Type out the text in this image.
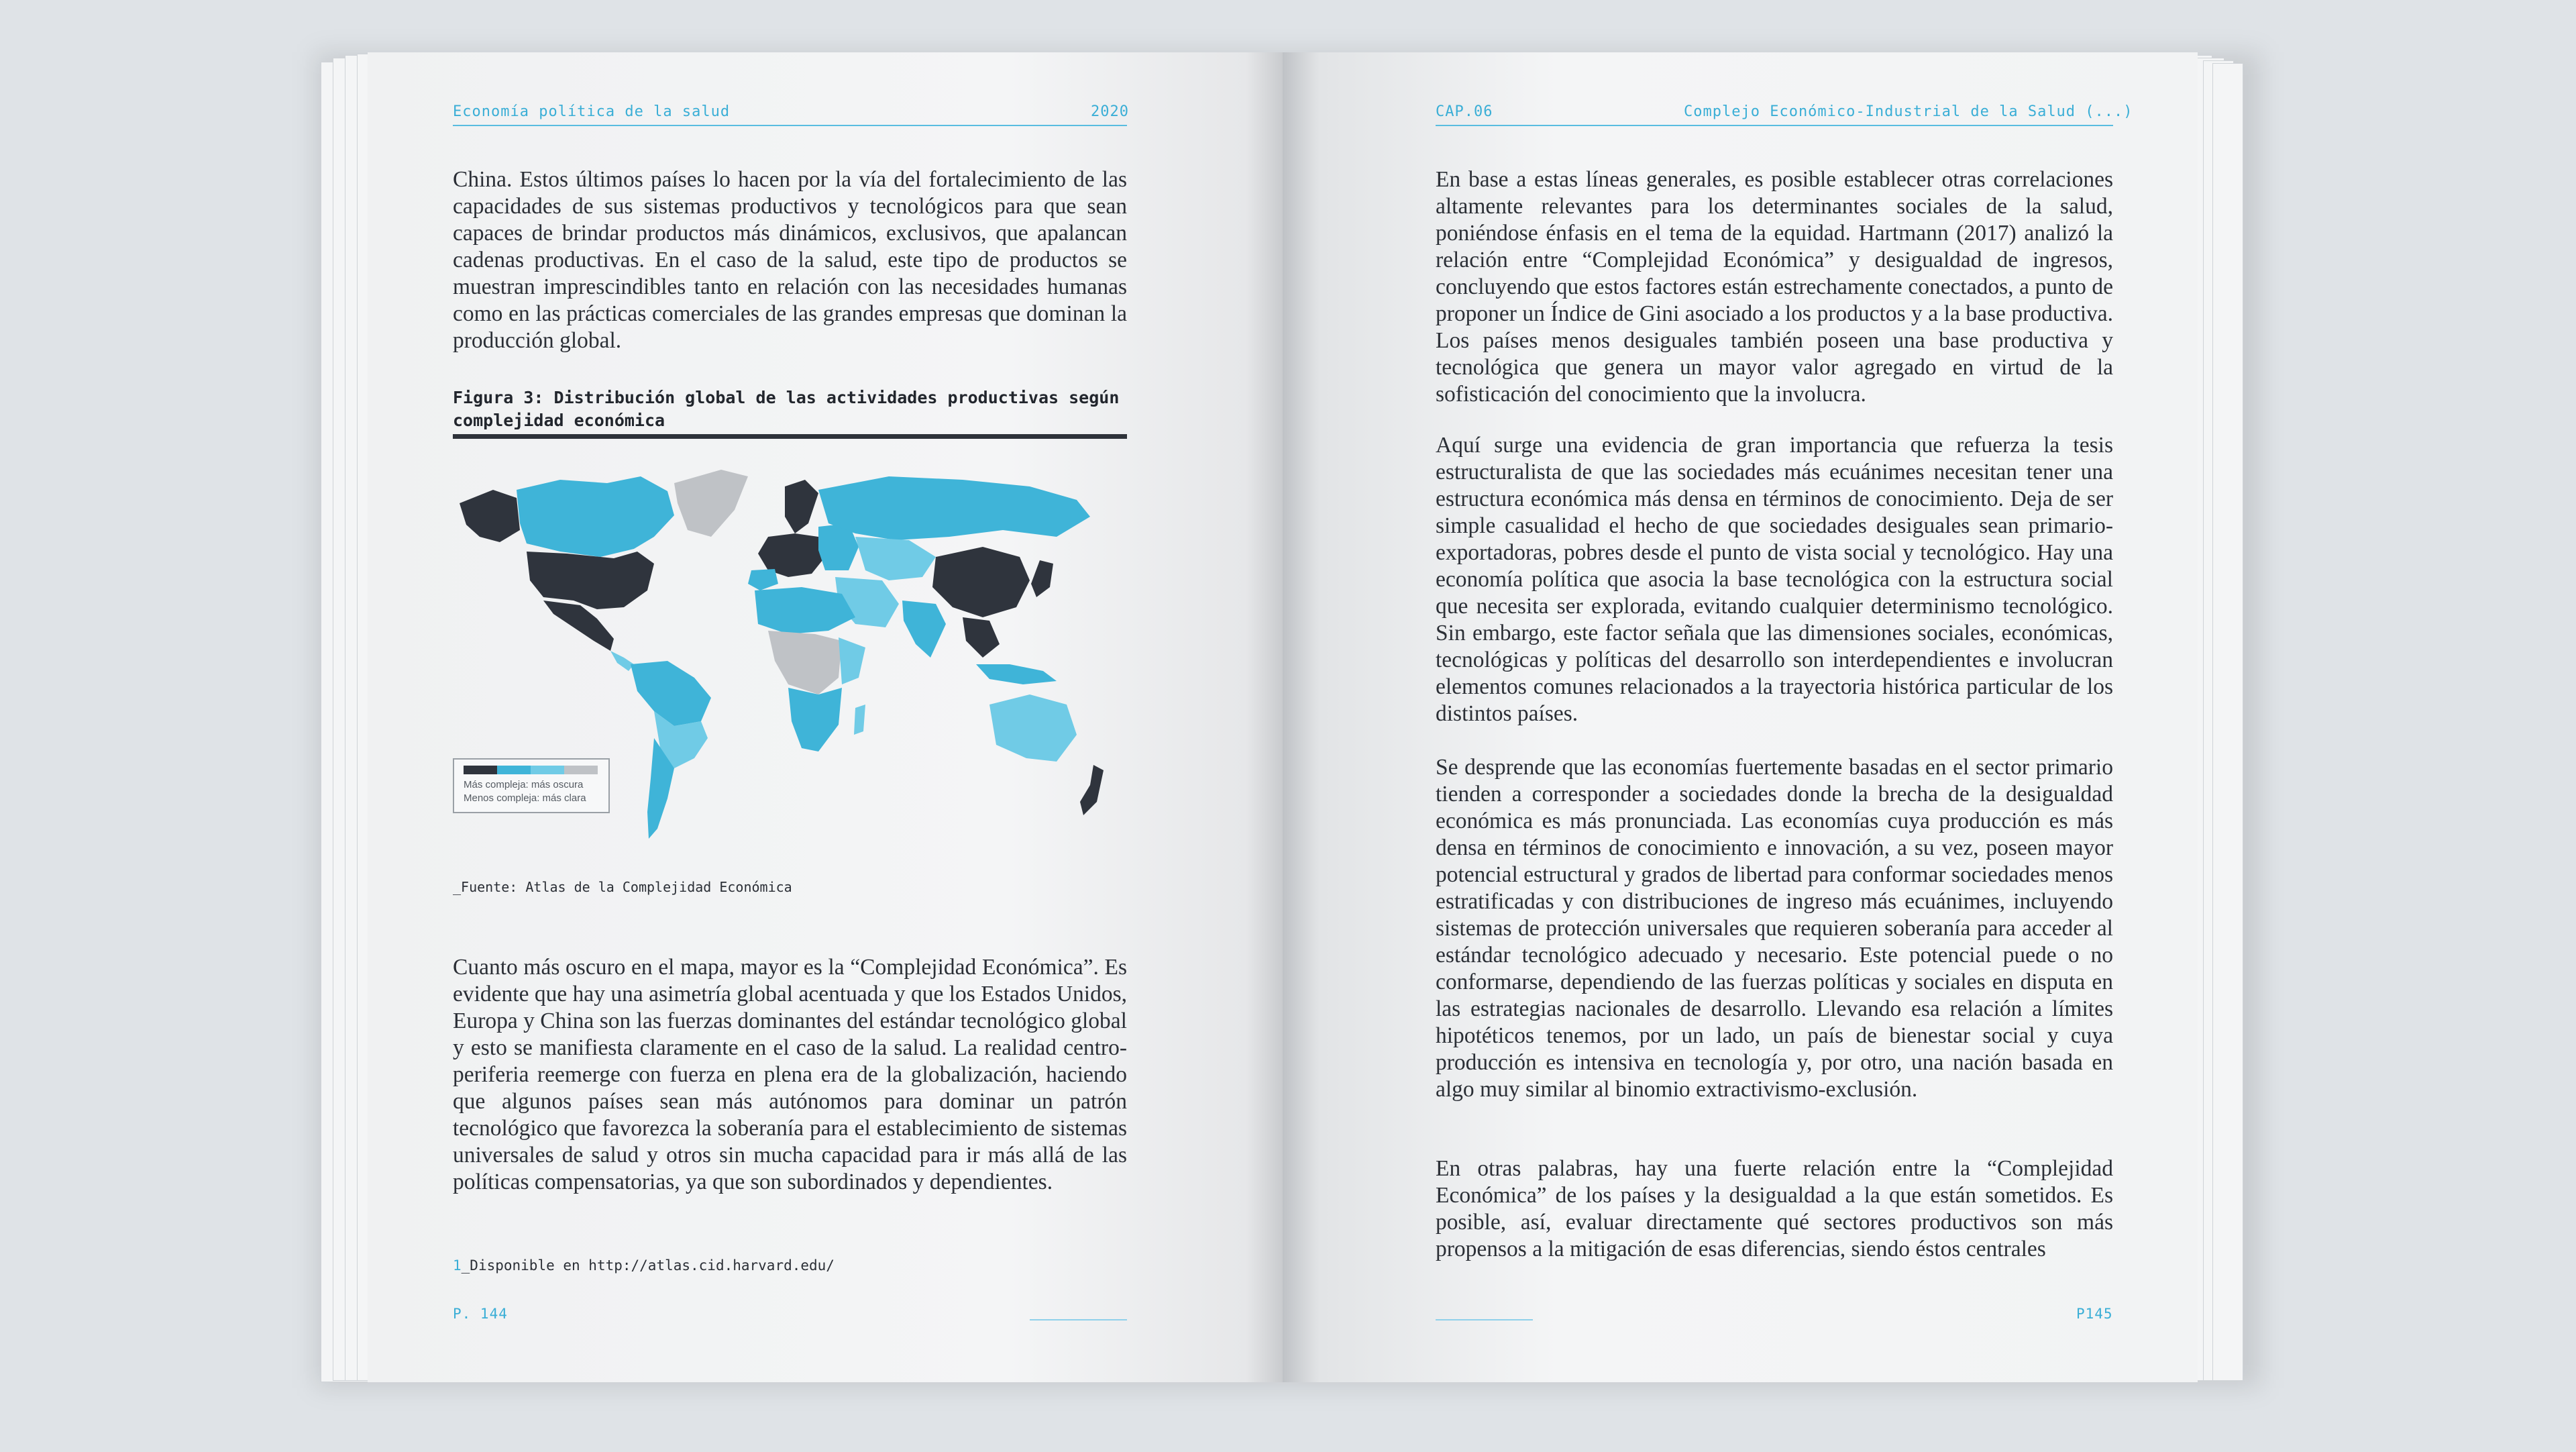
Economía política de la salud	2020

China. Estos últimos países lo hacen por la vía del fortalecimiento de las capacidades de sus sistemas productivos y tecnológicos para que sean capaces de brindar productos más dinámicos, exclusivos, que apalancan cadenas productivas. En el caso de la salud, este tipo de productos se muestran imprescindibles tanto en relación con las necesidades humanas como en las prácticas comerciales de las grandes empresas que dominan la producción global.

Figura 3: Distribución global de las actividades productivas según complejidad económica
Más compleja: más oscura
Menos compleja: más clara
_Fuente: Atlas de la Complejidad Económica

Cuanto más oscuro en el mapa, mayor es la “Complejidad Económica”. Es evidente que hay una asimetría global acentuada y que los Estados Unidos, Europa y China son las fuerzas dominantes del estándar tecnológico global y esto se manifiesta claramente en el caso de la salud. La realidad centro-periferia reemerge con fuerza en plena era de la globalización, haciendo que algunos países sean más autónomos para dominar un patrón tecnológico que favorezca la soberanía para el establecimiento de sistemas universales de salud y otros sin mucha capacidad para ir más allá de las políticas compensatorias, ya que son subordinados y dependientes.

1_Disponible en http://atlas.cid.harvard.edu/
P. 144
CAP.06	Complejo Económico-Industrial de la Salud (...)

En base a estas líneas generales, es posible establecer otras correlaciones altamente relevantes para los determinantes sociales de la salud, poniéndose énfasis en el tema de la equidad. Hartmann (2017) analizó la relación entre “Complejidad Económica” y desigualdad de ingresos, concluyendo que estos factores están estrechamente conectados, a punto de proponer un Índice de Gini asociado a los productos y a la base productiva. Los países menos desiguales también poseen una base productiva y tecnológica que genera un mayor valor agregado en virtud de la sofisticación del conocimiento que la involucra.

Aquí surge una evidencia de gran importancia que refuerza la tesis estructuralista de que las sociedades más ecuánimes necesitan tener una estructura económica más densa en términos de conocimiento. Deja de ser simple casualidad el hecho de que sociedades desiguales sean primario-exportadoras, pobres desde el punto de vista social y tecnológico. Hay una economía política que asocia la base tecnológica con la estructura social que necesita ser explorada, evitando cualquier determinismo tecnológico. Sin embargo, este factor señala que las dimensiones sociales, económicas, tecnológicas y políticas del desarrollo son interdependientes e involucran elementos comunes relacionados a la trayectoria histórica particular de los distintos países.

Se desprende que las economías fuertemente basadas en el sector primario tienden a corresponder a sociedades donde la brecha de la desigualdad económica es más pronunciada. Las economías cuya producción es más densa en términos de conocimiento e innovación, a su vez, poseen mayor potencial estructural y grados de libertad para conformar sociedades menos estratificadas y con distribuciones de ingreso más ecuánimes, incluyendo sistemas de protección universales que requieren soberanía para acceder al estándar tecnológico adecuado y necesario. Este potencial puede o no conformarse, dependiendo de las fuerzas políticas y sociales en disputa en las estrategias nacionales de desarrollo. Llevando esa relación a límites hipotéticos tenemos, por un lado, un país de bienestar social y cuya producción es intensiva en tecnología y, por otro, una nación basada en algo muy similar al binomio extractivismo-exclusión.

En otras palabras, hay una fuerte relación entre la “Complejidad Económica” de los países y la desigualdad a la que están sometidos. Es posible, así, evaluar directamente qué sectores productivos son más propensos a la mitigación de esas diferencias, siendo éstos centrales

P145
